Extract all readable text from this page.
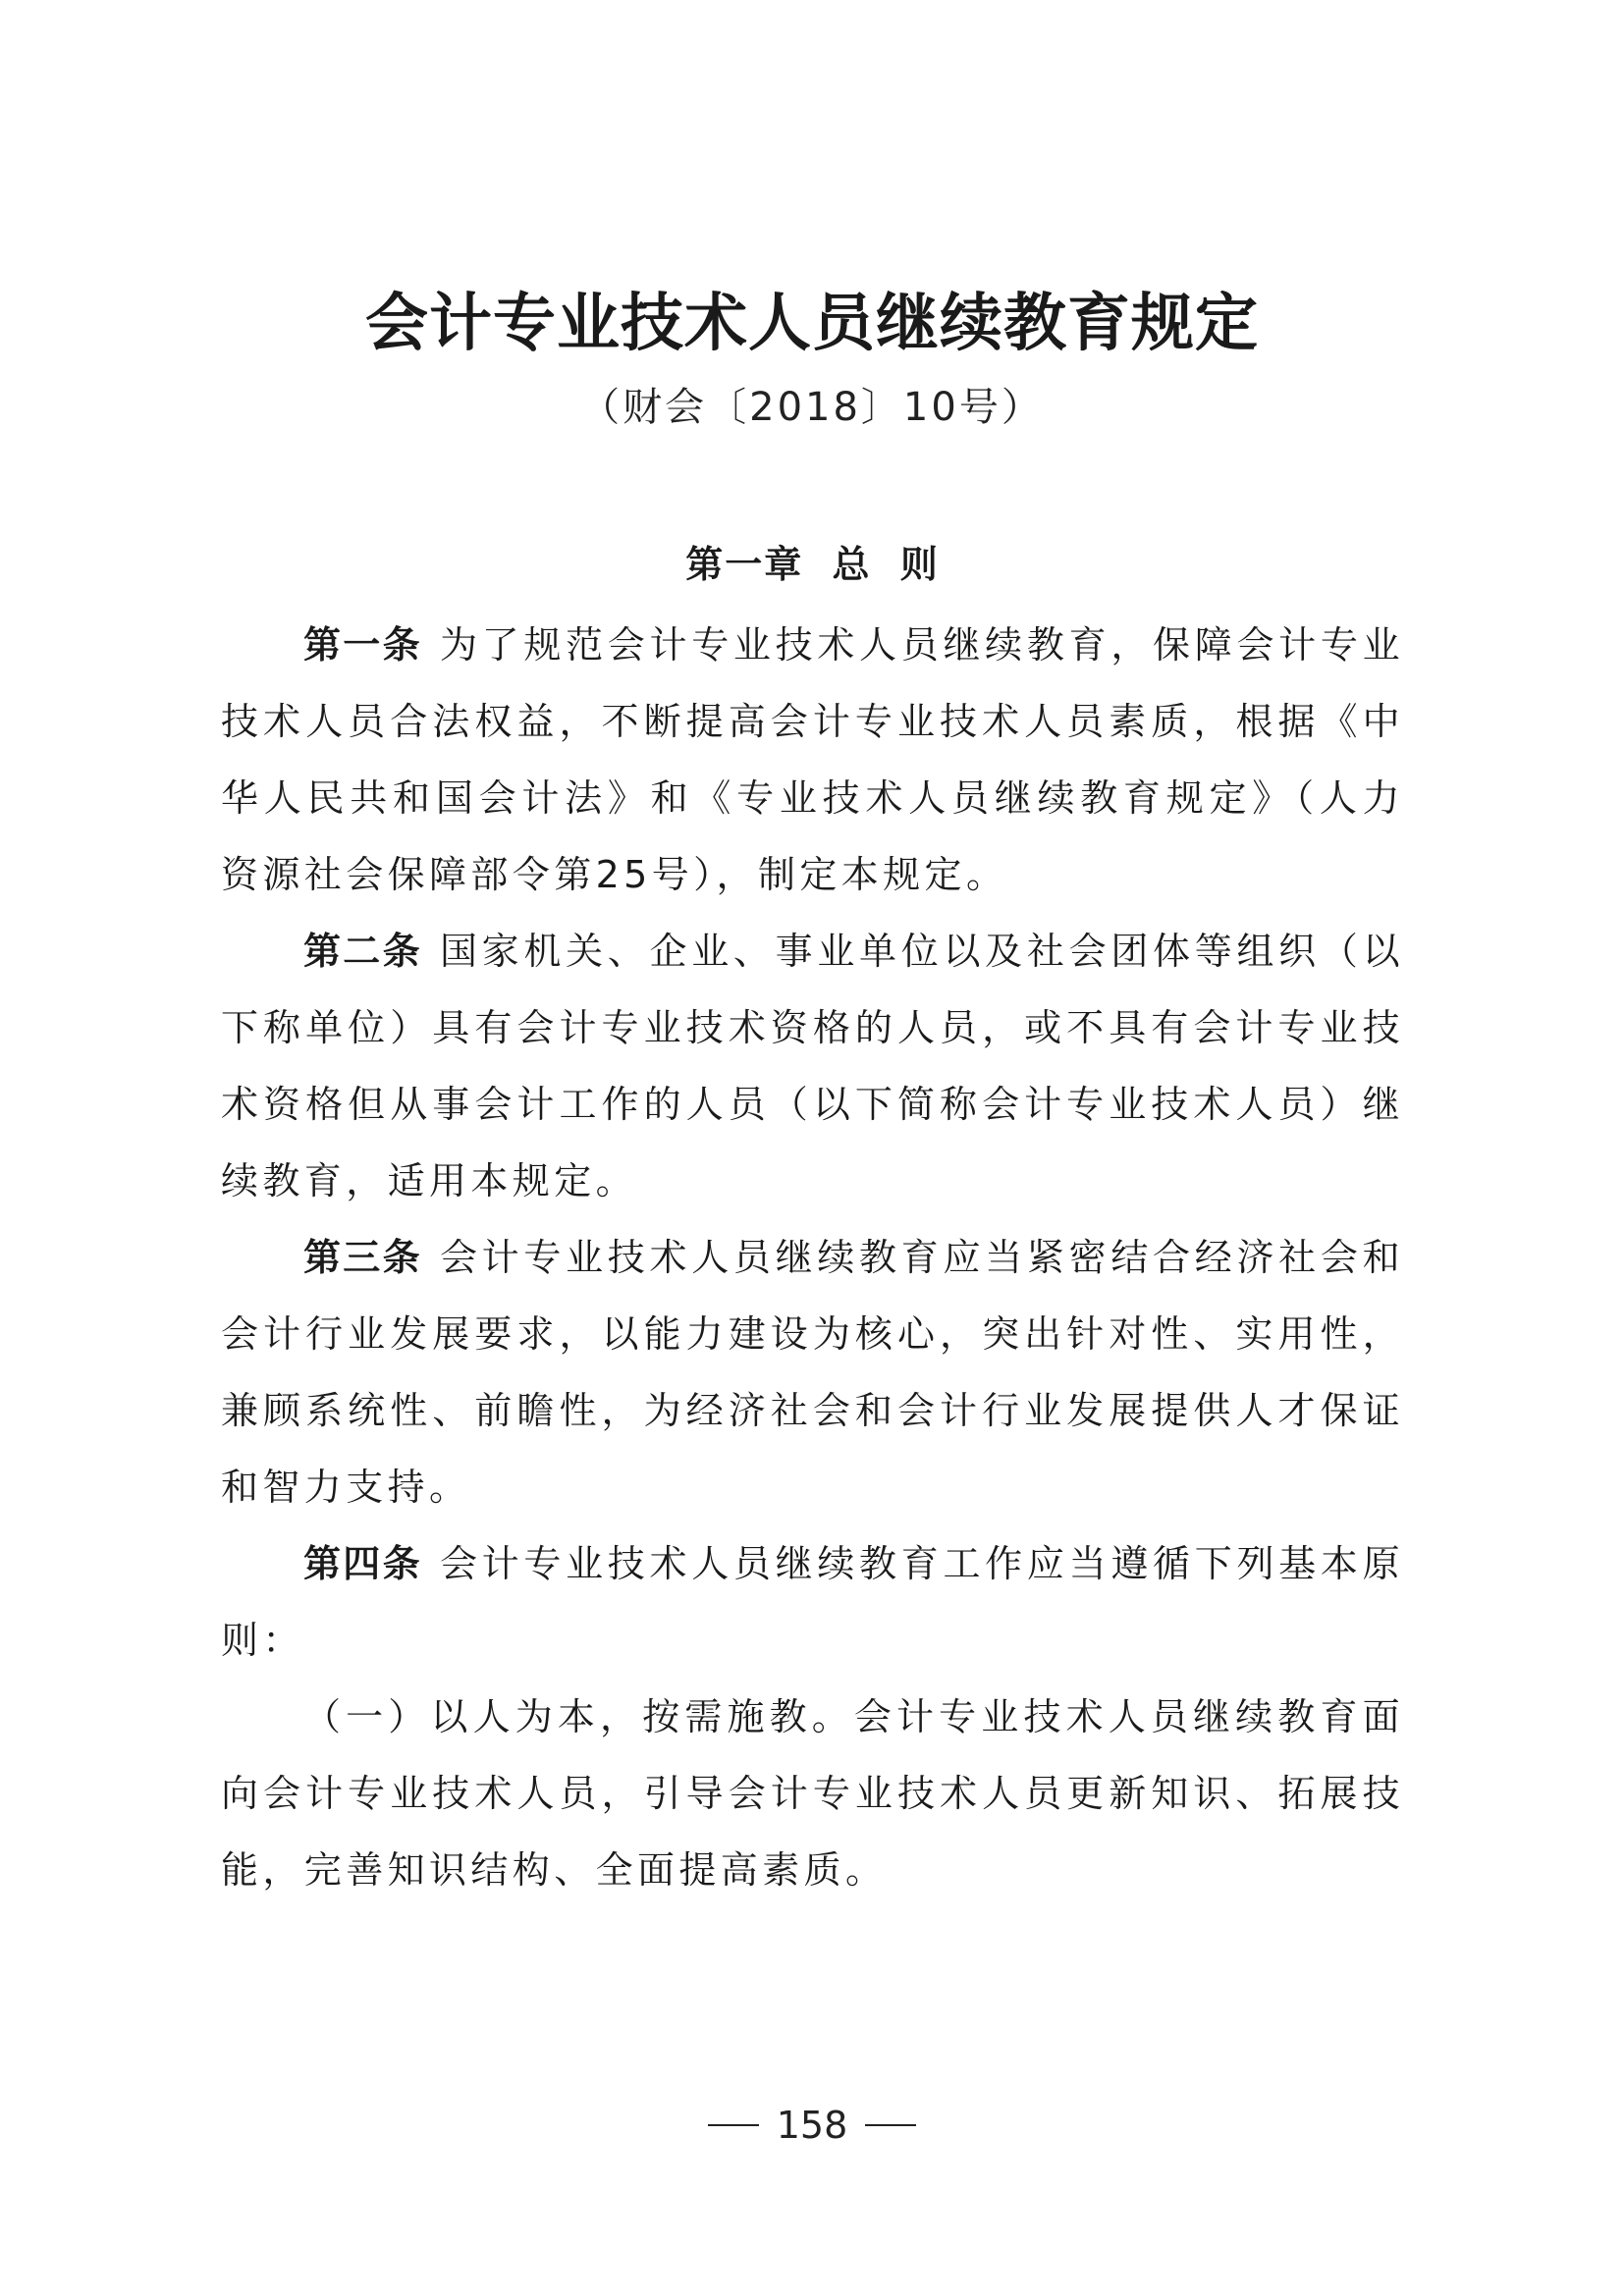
会计专业技术人员继续教育规定
（财会〔2018〕10号）
第一章 总 则

第一条 为了规范会计专业技术人员继续教育，保障会计专业技术人员合法权益，不断提高会计专业技术人员素质，根据《中华人民共和国会计法》和《专业技术人员继续教育规定》（人力资源社会保障部令第25号），制定本规定。

第二条 国家机关、企业、事业单位以及社会团体等组织（以下称单位）具有会计专业技术资格的人员，或不具有会计专业技术资格但从事会计工作的人员（以下简称会计专业技术人员）继续教育，适用本规定。

第三条 会计专业技术人员继续教育应当紧密结合经济社会和会计行业发展要求，以能力建设为核心，突出针对性、实用性，兼顾系统性、前瞻性，为经济社会和会计行业发展提供人才保证和智力支持。

第四条 会计专业技术人员继续教育工作应当遵循下列基本原则：

（一）以人为本，按需施教。会计专业技术人员继续教育面向会计专业技术人员，引导会计专业技术人员更新知识、拓展技能，完善知识结构、全面提高素质。

158
